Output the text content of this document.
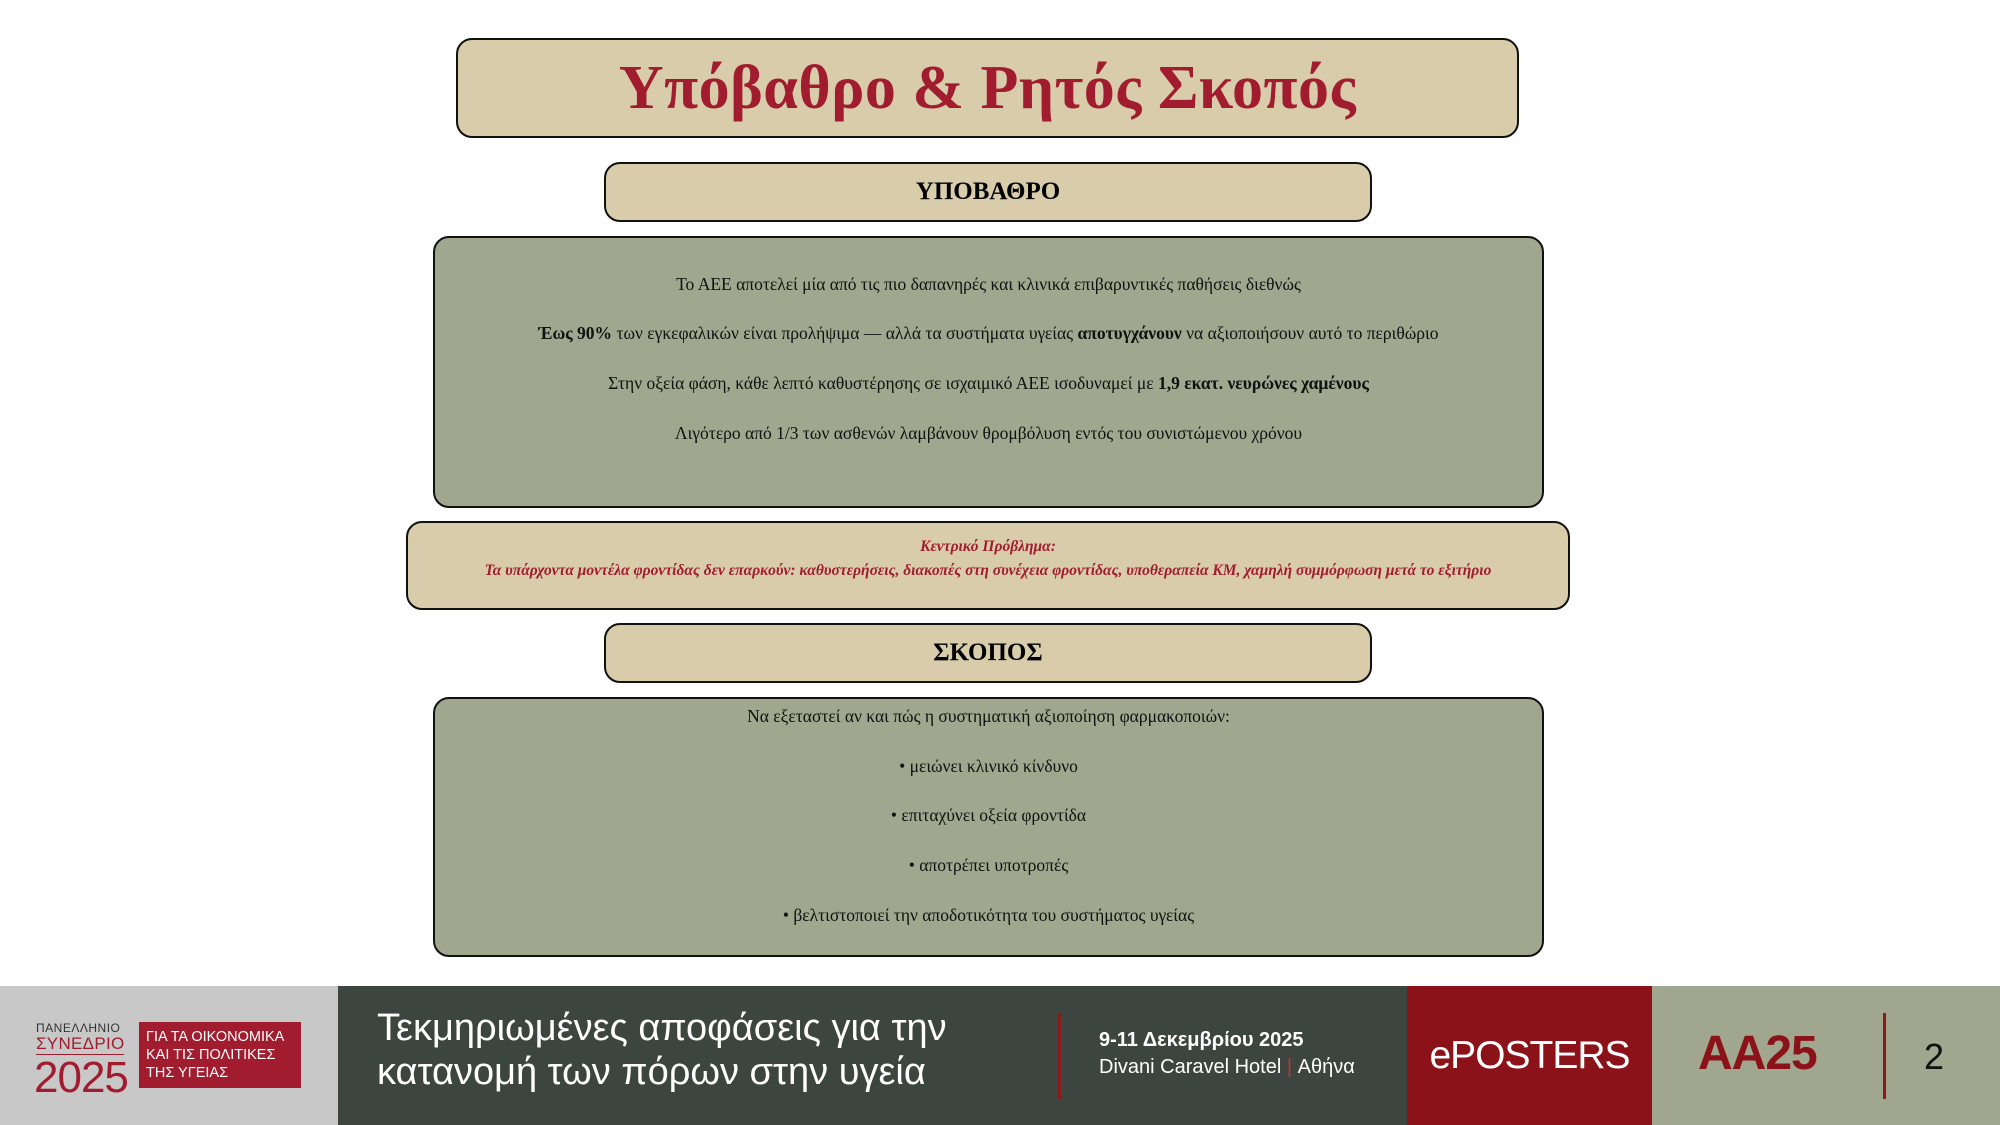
Υπόβαθρο & Ρητός Σκοπός
ΥΠΟΒΑΘΡΟ
Το ΑΕΕ αποτελεί μία από τις πιο δαπανηρές και κλινικά επιβαρυντικές παθήσεις διεθνώς
Έως 90% των εγκεφαλικών είναι προλήψιμα — αλλά τα συστήματα υγείας αποτυγχάνουν να αξιοποιήσουν αυτό το περιθώριο
Στην οξεία φάση, κάθε λεπτό καθυστέρησης σε ισχαιμικό ΑΕΕ ισοδυναμεί με 1,9 εκατ. νευρώνες χαμένους
Λιγότερο από 1/3 των ασθενών λαμβάνουν θρομβόλυση εντός του συνιστώμενου χρόνου
Κεντρικό Πρόβλημα:
Τα υπάρχοντα μοντέλα φροντίδας δεν επαρκούν: καθυστερήσεις, διακοπές στη συνέχεια φροντίδας, υποθεραπεία ΚΜ, χαμηλή συμμόρφωση μετά το εξιτήριο
ΣΚΟΠΟΣ
Να εξεταστεί αν και πώς η συστηματική αξιοποίηση φαρμακοποιών:
• μειώνει κλινικό κίνδυνο
• επιταχύνει οξεία φροντίδα
• αποτρέπει υποτροπές
• βελτιστοποιεί την αποδοτικότητα του συστήματος υγείας
ΠΑΝΕΛΛΗΝΙΟ
ΣΥΝΕΔΡΙΟ
2025
ΓΙΑ ΤΑ ΟΙΚΟΝΟΜΙΚΑ
ΚΑΙ ΤΙΣ ΠΟΛΙΤΙΚΕΣ
ΤΗΣ ΥΓΕΙΑΣ
Τεκμηριωμένες αποφάσεις για την
κατανομή των πόρων στην υγεία
9-11 Δεκεμβρίου 2025
Divani Caravel Hotel | Αθήνα	ePOSTERS	AA25	2
